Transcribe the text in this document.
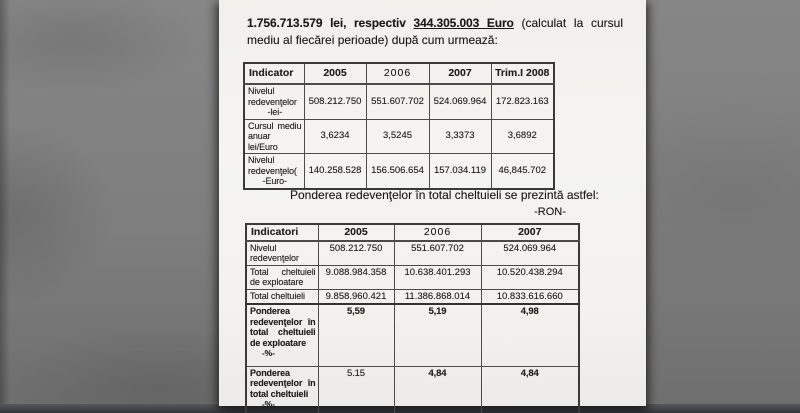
1.756.713.579 lei, respectiv 344.305.003 Euro (calculat la cursul
mediu al fiecărei perioade) după cum urmează:
Indicator	2005	2006	2007	Trim.I 2008
Nivelul redevenţelor
-lei-	508.212.750	551.607.702	524.069.964	172.823.163
Cursul mediu anuar lei/Euro	3,6234	3,5245	3,3373	3,6892
Nivelul redevenţelo(
-Euro-	140.258.528	156.506.654	157.034.119	46,845.702
Ponderea redevenţelor în total cheltuieli se prezintă astfel:
-RON-
Indicatori	2005	2006	2007
Nivelul redevenţelor	508.212.750	551.607.702	524.069.964
Total cheltuieli de exploatare	9.088.984.358	10.638.401.293	10.520.438.294
Total cheltuieli	9.858.960.421	11.386.868.014	10.833.616.660
Ponderea redevenţelor în total cheltuieli de exploatare
-%-	5,59	5,19	4,98
Ponderea redevenţelor în total cheltuieli
-%-	5.15	4,84	4,84
